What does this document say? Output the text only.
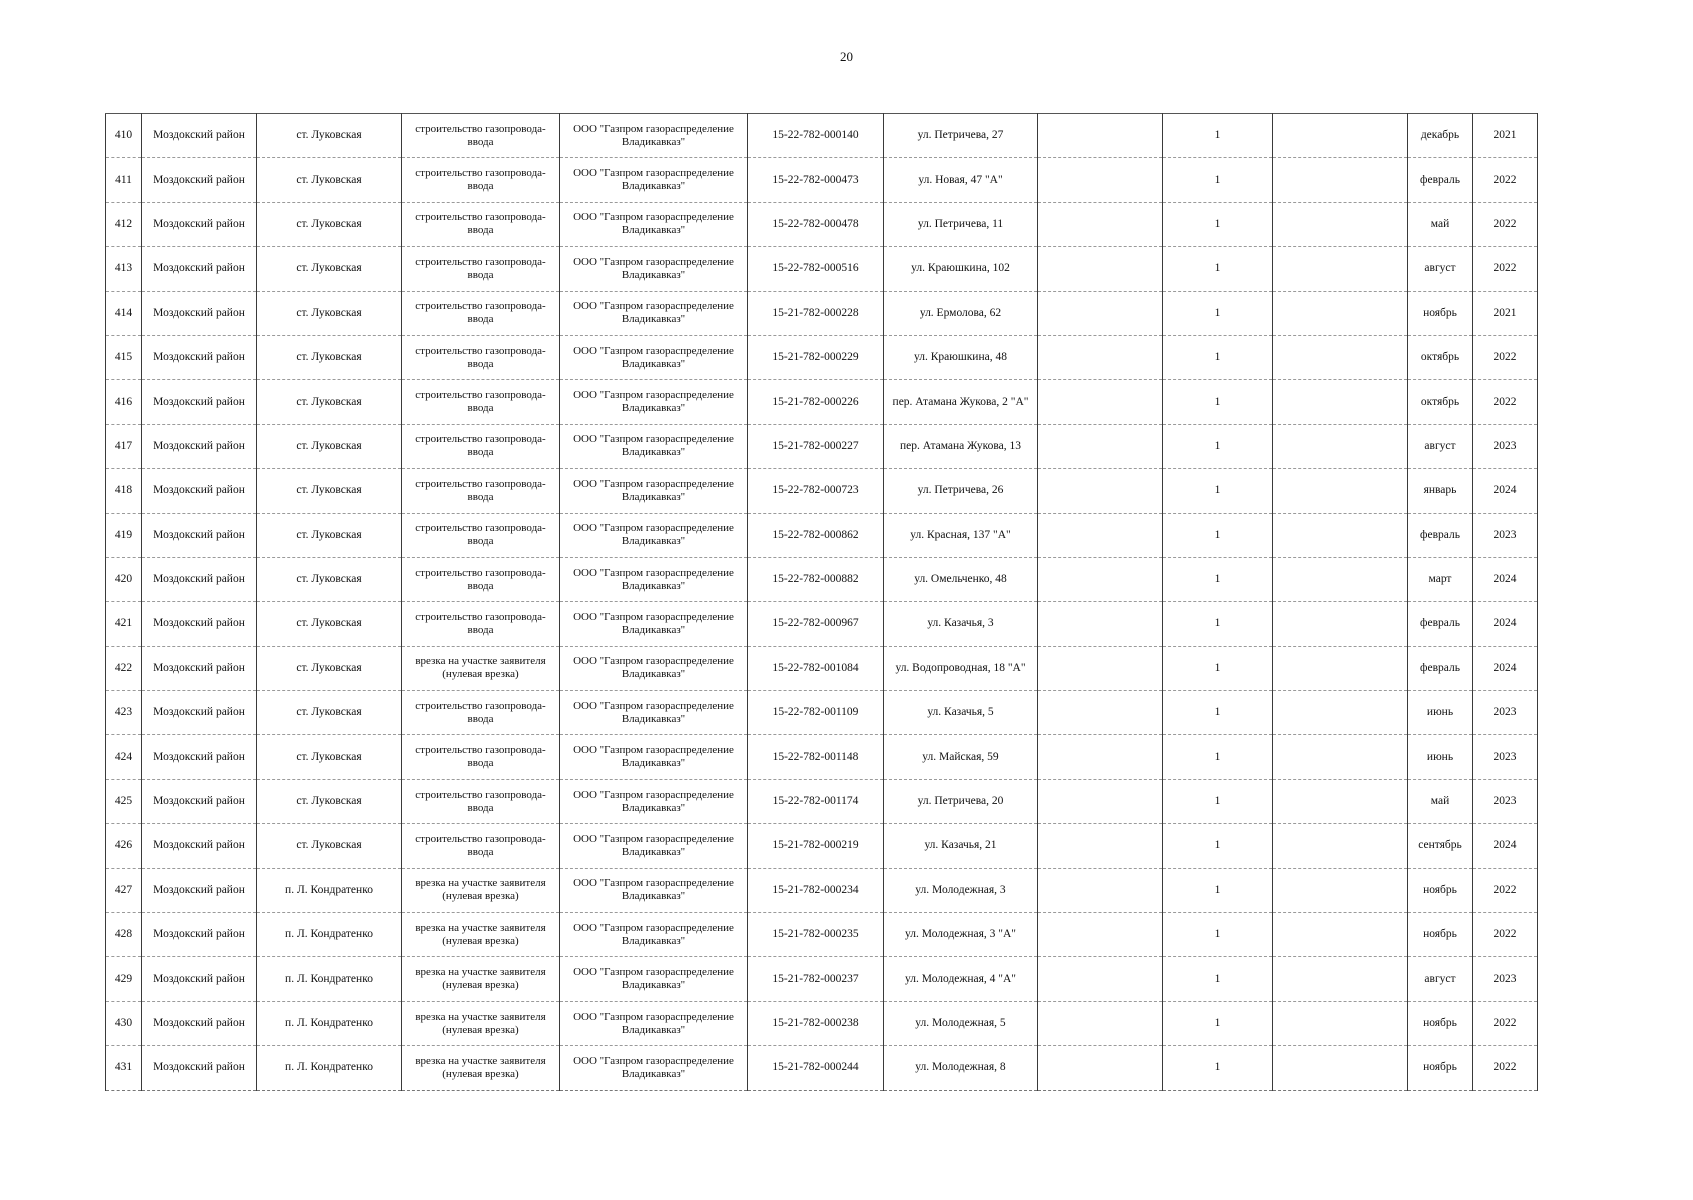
20
410	Моздокский район	ст. Луковская	строительство газопровода-ввода	ООО "Газпром газораспределение Владикавказ"	15-22-782-000140	ул. Петричева, 27		1		декабрь	2021
411	Моздокский район	ст. Луковская	строительство газопровода-ввода	ООО "Газпром газораспределение Владикавказ"	15-22-782-000473	ул. Новая, 47 "А"		1		февраль	2022
412	Моздокский район	ст. Луковская	строительство газопровода-ввода	ООО "Газпром газораспределение Владикавказ"	15-22-782-000478	ул. Петричева, 11		1		май	2022
413	Моздокский район	ст. Луковская	строительство газопровода-ввода	ООО "Газпром газораспределение Владикавказ"	15-22-782-000516	ул. Краюшкина, 102		1		август	2022
414	Моздокский район	ст. Луковская	строительство газопровода-ввода	ООО "Газпром газораспределение Владикавказ"	15-21-782-000228	ул. Ермолова, 62		1		ноябрь	2021
415	Моздокский район	ст. Луковская	строительство газопровода-ввода	ООО "Газпром газораспределение Владикавказ"	15-21-782-000229	ул. Краюшкина, 48		1		октябрь	2022
416	Моздокский район	ст. Луковская	строительство газопровода-ввода	ООО "Газпром газораспределение Владикавказ"	15-21-782-000226	пер. Атамана Жукова, 2 "А"		1		октябрь	2022
417	Моздокский район	ст. Луковская	строительство газопровода-ввода	ООО "Газпром газораспределение Владикавказ"	15-21-782-000227	пер. Атамана Жукова, 13		1		август	2023
418	Моздокский район	ст. Луковская	строительство газопровода-ввода	ООО "Газпром газораспределение Владикавказ"	15-22-782-000723	ул. Петричева, 26		1		январь	2024
419	Моздокский район	ст. Луковская	строительство газопровода-ввода	ООО "Газпром газораспределение Владикавказ"	15-22-782-000862	ул. Красная, 137 "А"		1		февраль	2023
420	Моздокский район	ст. Луковская	строительство газопровода-ввода	ООО "Газпром газораспределение Владикавказ"	15-22-782-000882	ул. Омельченко, 48		1		март	2024
421	Моздокский район	ст. Луковская	строительство газопровода-ввода	ООО "Газпром газораспределение Владикавказ"	15-22-782-000967	ул. Казачья, 3		1		февраль	2024
422	Моздокский район	ст. Луковская	врезка на участке заявителя (нулевая врезка)	ООО "Газпром газораспределение Владикавказ"	15-22-782-001084	ул. Водопроводная, 18 "А"		1		февраль	2024
423	Моздокский район	ст. Луковская	строительство газопровода-ввода	ООО "Газпром газораспределение Владикавказ"	15-22-782-001109	ул. Казачья, 5		1		июнь	2023
424	Моздокский район	ст. Луковская	строительство газопровода-ввода	ООО "Газпром газораспределение Владикавказ"	15-22-782-001148	ул. Майская, 59		1		июнь	2023
425	Моздокский район	ст. Луковская	строительство газопровода-ввода	ООО "Газпром газораспределение Владикавказ"	15-22-782-001174	ул. Петричева, 20		1		май	2023
426	Моздокский район	ст. Луковская	строительство газопровода-ввода	ООО "Газпром газораспределение Владикавказ"	15-21-782-000219	ул. Казачья, 21		1		сентябрь	2024
427	Моздокский район	п. Л. Кондратенко	врезка на участке заявителя (нулевая врезка)	ООО "Газпром газораспределение Владикавказ"	15-21-782-000234	ул. Молодежная, 3		1		ноябрь	2022
428	Моздокский район	п. Л. Кондратенко	врезка на участке заявителя (нулевая врезка)	ООО "Газпром газораспределение Владикавказ"	15-21-782-000235	ул. Молодежная, 3 "А"		1		ноябрь	2022
429	Моздокский район	п. Л. Кондратенко	врезка на участке заявителя (нулевая врезка)	ООО "Газпром газораспределение Владикавказ"	15-21-782-000237	ул. Молодежная, 4 "А"		1		август	2023
430	Моздокский район	п. Л. Кондратенко	врезка на участке заявителя (нулевая врезка)	ООО "Газпром газораспределение Владикавказ"	15-21-782-000238	ул. Молодежная, 5		1		ноябрь	2022
431	Моздокский район	п. Л. Кондратенко	врезка на участке заявителя (нулевая врезка)	ООО "Газпром газораспределение Владикавказ"	15-21-782-000244	ул. Молодежная, 8		1		ноябрь	2022
